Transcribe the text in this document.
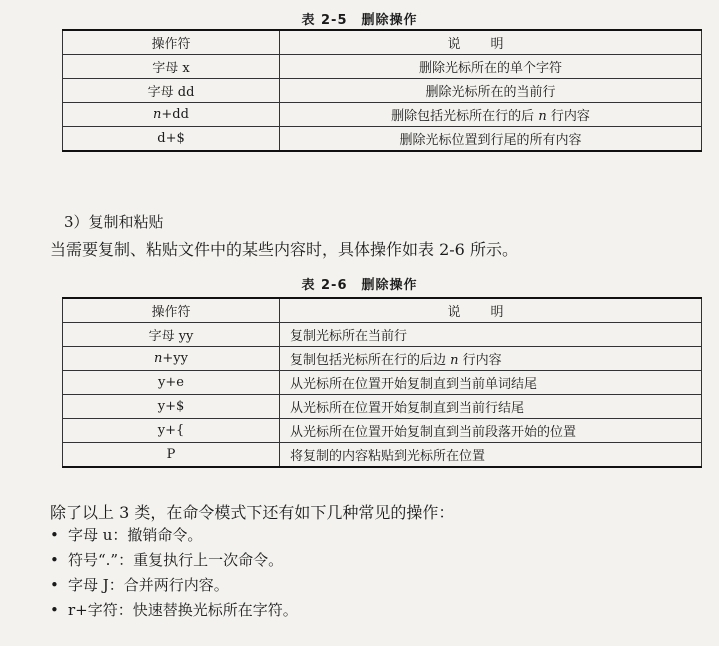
表 2-5 删除操作
操作符	说明
字母 x	删除光标所在的单个字符
字母 dd	删除光标所在的当前行
n+dd	删除包括光标所在行的后 n 行内容
d+$	删除光标位置到行尾的所有内容
3）复制和粘贴
当需要复制、粘贴文件中的某些内容时，具体操作如表 2-6 所示。
表 2-6 删除操作
操作符	说明
字母 yy	复制光标所在当前行
n+yy	复制包括光标所在行的后边 n 行内容
y+e	从光标所在位置开始复制直到当前单词结尾
y+$	从光标所在位置开始复制直到当前行结尾
y+{	从光标所在位置开始复制直到当前段落开始的位置
P	将复制的内容粘贴到光标所在位置
除了以上 3 类，在命令模式下还有如下几种常见的操作：
• 字母 u：撤销命令。
• 符号“.”：重复执行上一次命令。
• 字母 J：合并两行内容。
• r+字符：快速替换光标所在字符。
